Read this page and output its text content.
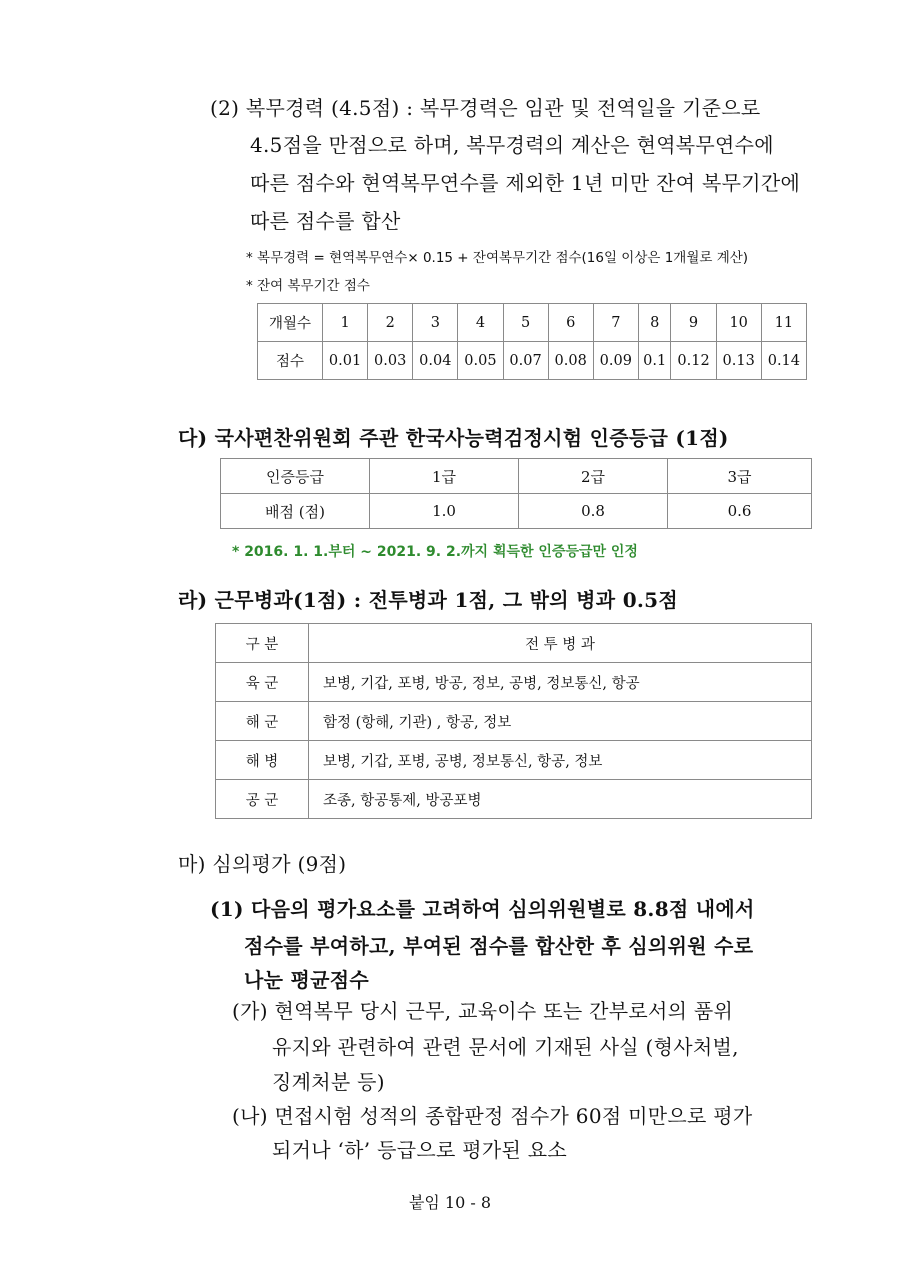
(2) 복무경력 (4.5점) : 복무경력은 임관 및 전역일을 기준으로
4.5점을 만점으로 하며, 복무경력의 계산은 현역복무연수에
따른 점수와 현역복무연수를 제외한 1년 미만 잔여 복무기간에
따른 점수를 합산
* 복무경력 = 현역복무연수× 0.15 + 잔여복무기간 점수(16일 이상은 1개월로 계산)
* 잔여 복무기간 점수
개월수	1	2	3	4	5	6	7	8	9	10	11
점수	0.01	0.03	0.04	0.05	0.07	0.08	0.09	0.1	0.12	0.13	0.14
다) 국사편찬위원회 주관 한국사능력검정시험 인증등급 (1점)
인증등급	1급	2급	3급
배점 (점)	1.0	0.8	0.6
* 2016. 1. 1.부터 ~ 2021. 9. 2.까지 획득한 인증등급만 인정
라) 근무병과(1점) : 전투병과 1점, 그 밖의 병과 0.5점
구 분	전 투 병 과
육 군	보병, 기갑, 포병, 방공, 정보, 공병, 정보통신, 항공
해 군	함정 (항해, 기관) , 항공, 정보
해 병	보병, 기갑, 포병, 공병, 정보통신, 항공, 정보
공 군	조종, 항공통제, 방공포병
마) 심의평가 (9점)
(1) 다음의 평가요소를 고려하여 심의위원별로 8.8점 내에서
점수를 부여하고, 부여된 점수를 합산한 후 심의위원 수로
나눈 평균점수
(가) 현역복무 당시 근무, 교육이수 또는 간부로서의 품위
유지와 관련하여 관련 문서에 기재된 사실 (형사처벌,
징계처분 등)
(나) 면접시험 성적의 종합판정 점수가 60점 미만으로 평가
되거나 ‘하’ 등급으로 평가된 요소
붙임 10 - 8
